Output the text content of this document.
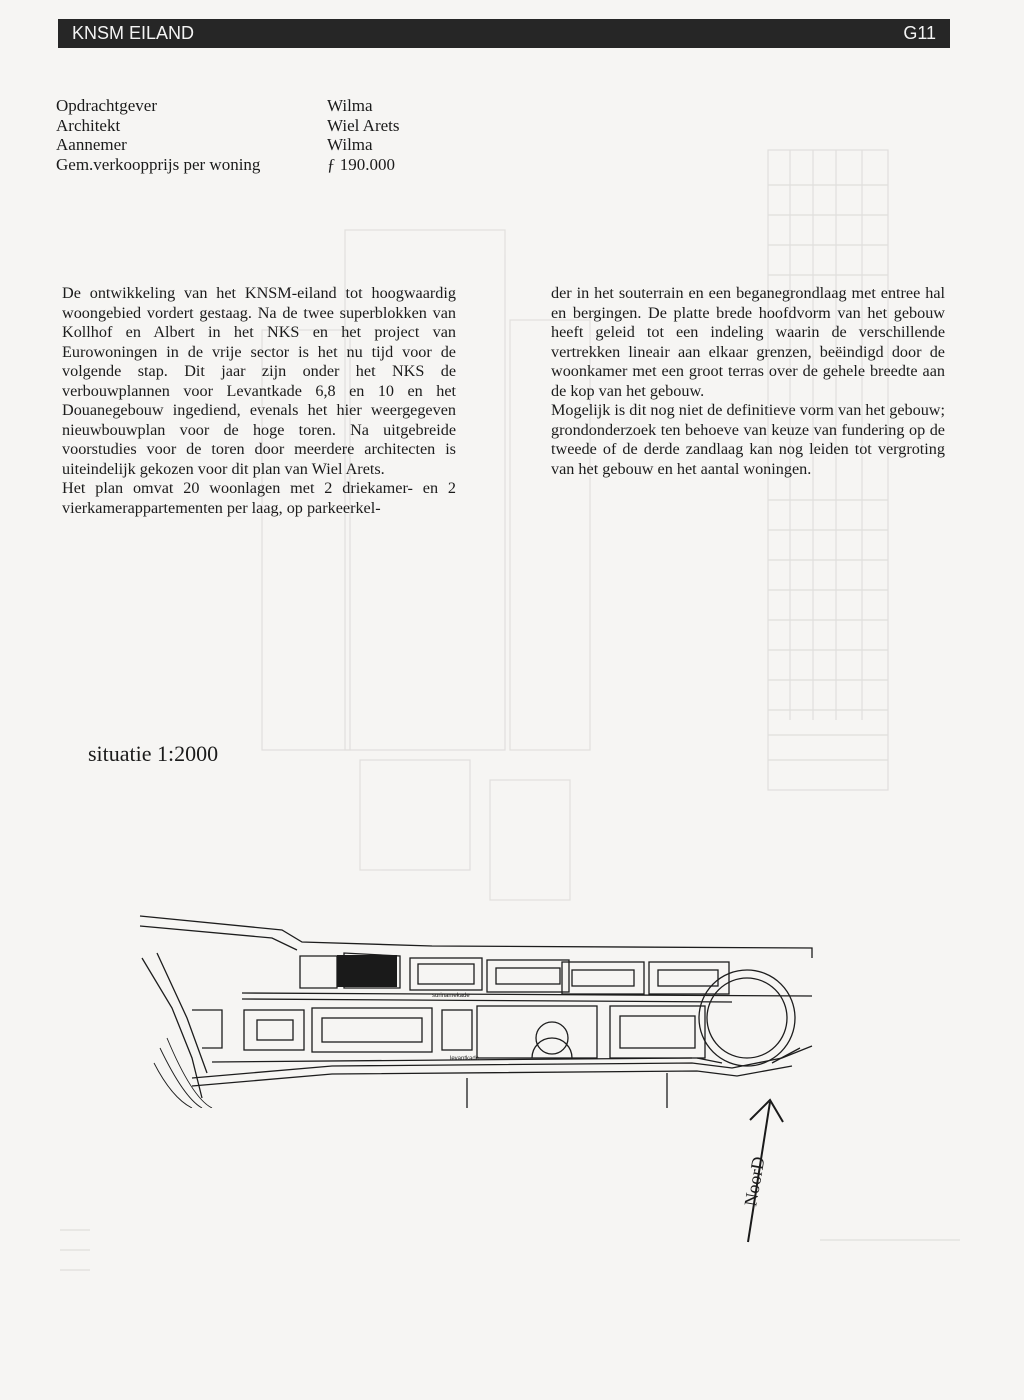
KNSM EILAND	G11
Opdrachtgever	Wilma
Architekt	Wiel Arets
Aannemer	Wilma
Gem.verkoopprijs per woning	ƒ 190.000

De ontwikkeling van het KNSM-eiland tot hoogwaardig woongebied vordert gestaag. Na de twee superblokken van Kollhof en Albert in het NKS en het project van Eurowoningen in de vrije sector is het nu tijd voor de volgende stap. Dit jaar zijn onder het NKS de verbouwplannen voor Levantkade 6,8 en 10 en het Douanegebouw ingediend, evenals het hier weergegeven nieuwbouwplan voor de hoge toren. Na uitgebreide voorstudies voor de toren door meerdere architecten is uiteindelijk gekozen voor dit plan van Wiel Arets.

Het plan omvat 20 woonlagen met 2 driekamer- en 2 vierkamerappartementen per laag, op parkeerkel-

der in het souterrain en een beganegrondlaag met entree hal en bergingen. De platte brede hoofdvorm van het gebouw heeft geleid tot een indeling waarin de verschillende vertrekken lineair aan elkaar grenzen, beëindigd door de woonkamer met een groot terras over de gehele breedte aan de kop van het gebouw.

Mogelijk is dit nog niet de definitieve vorm van het gebouw; grondonderzoek ten behoeve van keuze van fundering op de tweede of de derde zandlaag kan nog leiden tot vergroting van het gebouw en het aantal woningen.

situatie 1:2000
surinamekade
levantkade
NoorD
